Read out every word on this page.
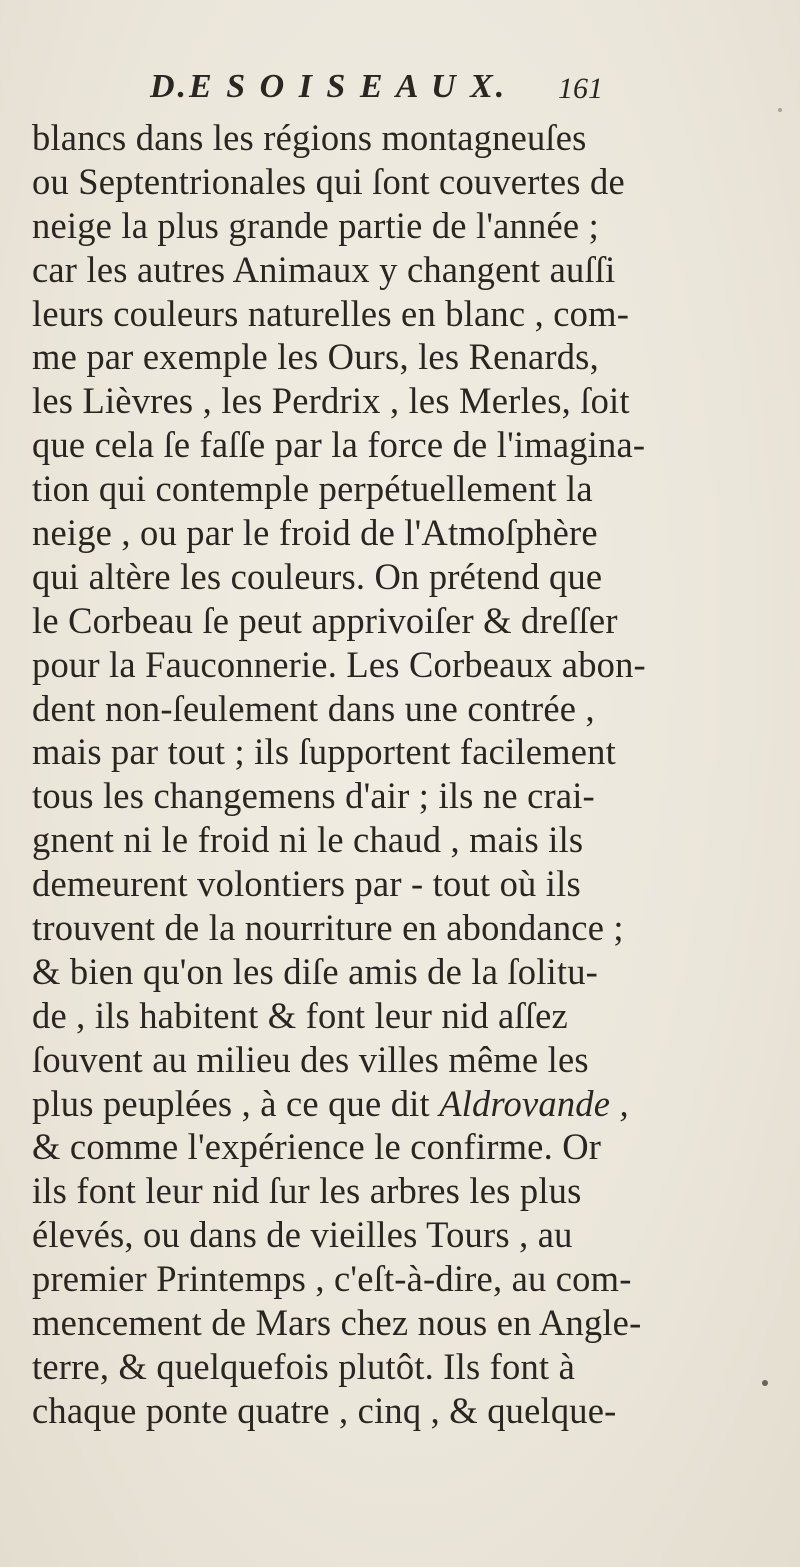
D.E S O I S E A U X. 161
blancs dans les régions montagneuſes
ou Septentrionales qui ſont couvertes de
neige la plus grande partie de l'année ;
car les autres Animaux y changent auſſi
leurs couleurs naturelles en blanc , com-
me par exemple les Ours, les Renards,
les Lièvres , les Perdrix , les Merles, ſoit
que cela ſe faſſe par la force de l'imagina-
tion qui contemple perpétuellement la
neige , ou par le froid de l'Atmoſphère
qui altère les couleurs. On prétend que
le Corbeau ſe peut apprivoiſer & dreſſer
pour la Fauconnerie. Les Corbeaux abon-
dent non-ſeulement dans une contrée ,
mais par tout ; ils ſupportent facilement
tous les changemens d'air ; ils ne crai-
gnent ni le froid ni le chaud , mais ils
demeurent volontiers par - tout où ils
trouvent de la nourriture en abondance ;
& bien qu'on les diſe amis de la ſolitu-
de , ils habitent & font leur nid aſſez
ſouvent au milieu des villes même les
plus peuplées , à ce que dit Aldrovande ,
& comme l'expérience le confirme. Or
ils font leur nid ſur les arbres les plus
élevés, ou dans de vieilles Tours , au
premier Printemps , c'eſt-à-dire, au com-
mencement de Mars chez nous en Angle-
terre, & quelquefois plutôt. Ils font à
chaque ponte quatre , cinq , & quelque-
